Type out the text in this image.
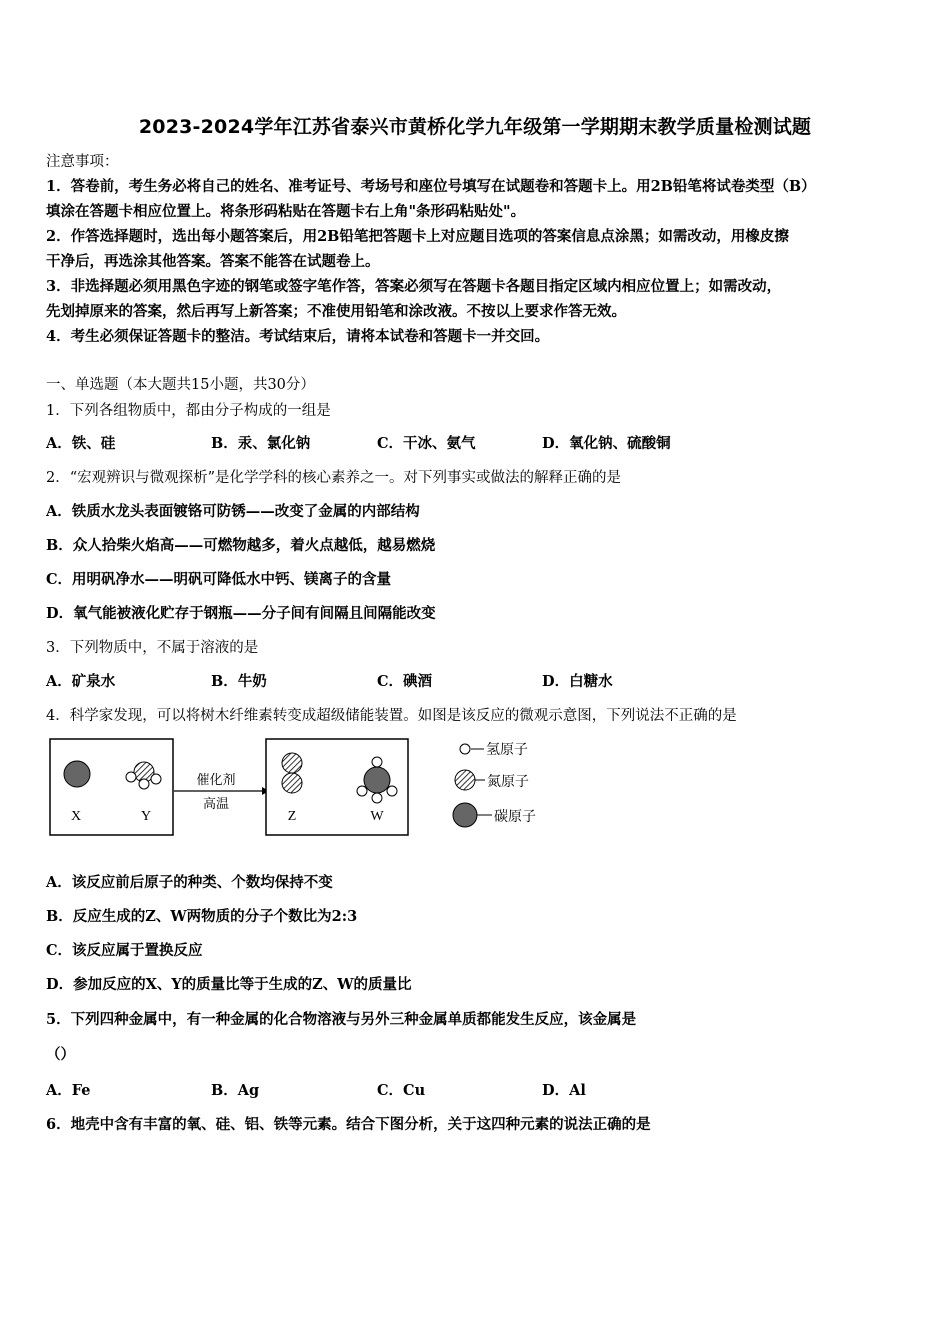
2023-2024学年江苏省泰兴市黄桥化学九年级第一学期期末教学质量检测试题
注意事项：
1．答卷前，考生务必将自己的姓名、准考证号、考场号和座位号填写在试题卷和答题卡上。用2B铅笔将试卷类型（B）
填涂在答题卡相应位置上。将条形码粘贴在答题卡右上角"条形码粘贴处"。
2．作答选择题时，选出每小题答案后，用2B铅笔把答题卡上对应题目选项的答案信息点涂黑；如需改动，用橡皮擦
干净后，再选涂其他答案。答案不能答在试题卷上。
3．非选择题必须用黑色字迹的钢笔或签字笔作答，答案必须写在答题卡各题目指定区域内相应位置上；如需改动，
先划掉原来的答案，然后再写上新答案；不准使用铅笔和涂改液。不按以上要求作答无效。
4．考生必须保证答题卡的整洁。考试结束后，请将本试卷和答题卡一并交回。
一、单选题（本大题共15小题，共30分）
1．下列各组物质中，都由分子构成的一组是
A．铁、硅	B．汞、氯化钠	C．干冰、氨气	D．氧化钠、硫酸铜
2．“宏观辨识与微观探析”是化学学科的核心素养之一。对下列事实或做法的解释正确的是
A．铁质水龙头表面镀铬可防锈——改变了金属的内部结构
B．众人拾柴火焰高——可燃物越多，着火点越低，越易燃烧
C．用明矾净水——明矾可降低水中钙、镁离子的含量
D．氧气能被液化贮存于钢瓶——分子间有间隔且间隔能改变
3．下列物质中，不属于溶液的是
A．矿泉水	B．牛奶	C．碘酒	D．白糖水
4．科学家发现，可以将树木纤维素转变成超级储能装置。如图是该反应的微观示意图，下列说法不正确的是
X	Y
催化剂
高温
Z	W
氢原子
氮原子
碳原子
A．该反应前后原子的种类、个数均保持不变
B．反应生成的Z、W两物质的分子个数比为2:3
C．该反应属于置换反应
D．参加反应的X、Y的质量比等于生成的Z、W的质量比
5．下列四种金属中，有一种金属的化合物溶液与另外三种金属单质都能发生反应，该金属是
（）
A．Fe	B．Ag	C．Cu	D．Al
6．地壳中含有丰富的氧、硅、铝、铁等元素。结合下图分析，关于这四种元素的说法正确的是
